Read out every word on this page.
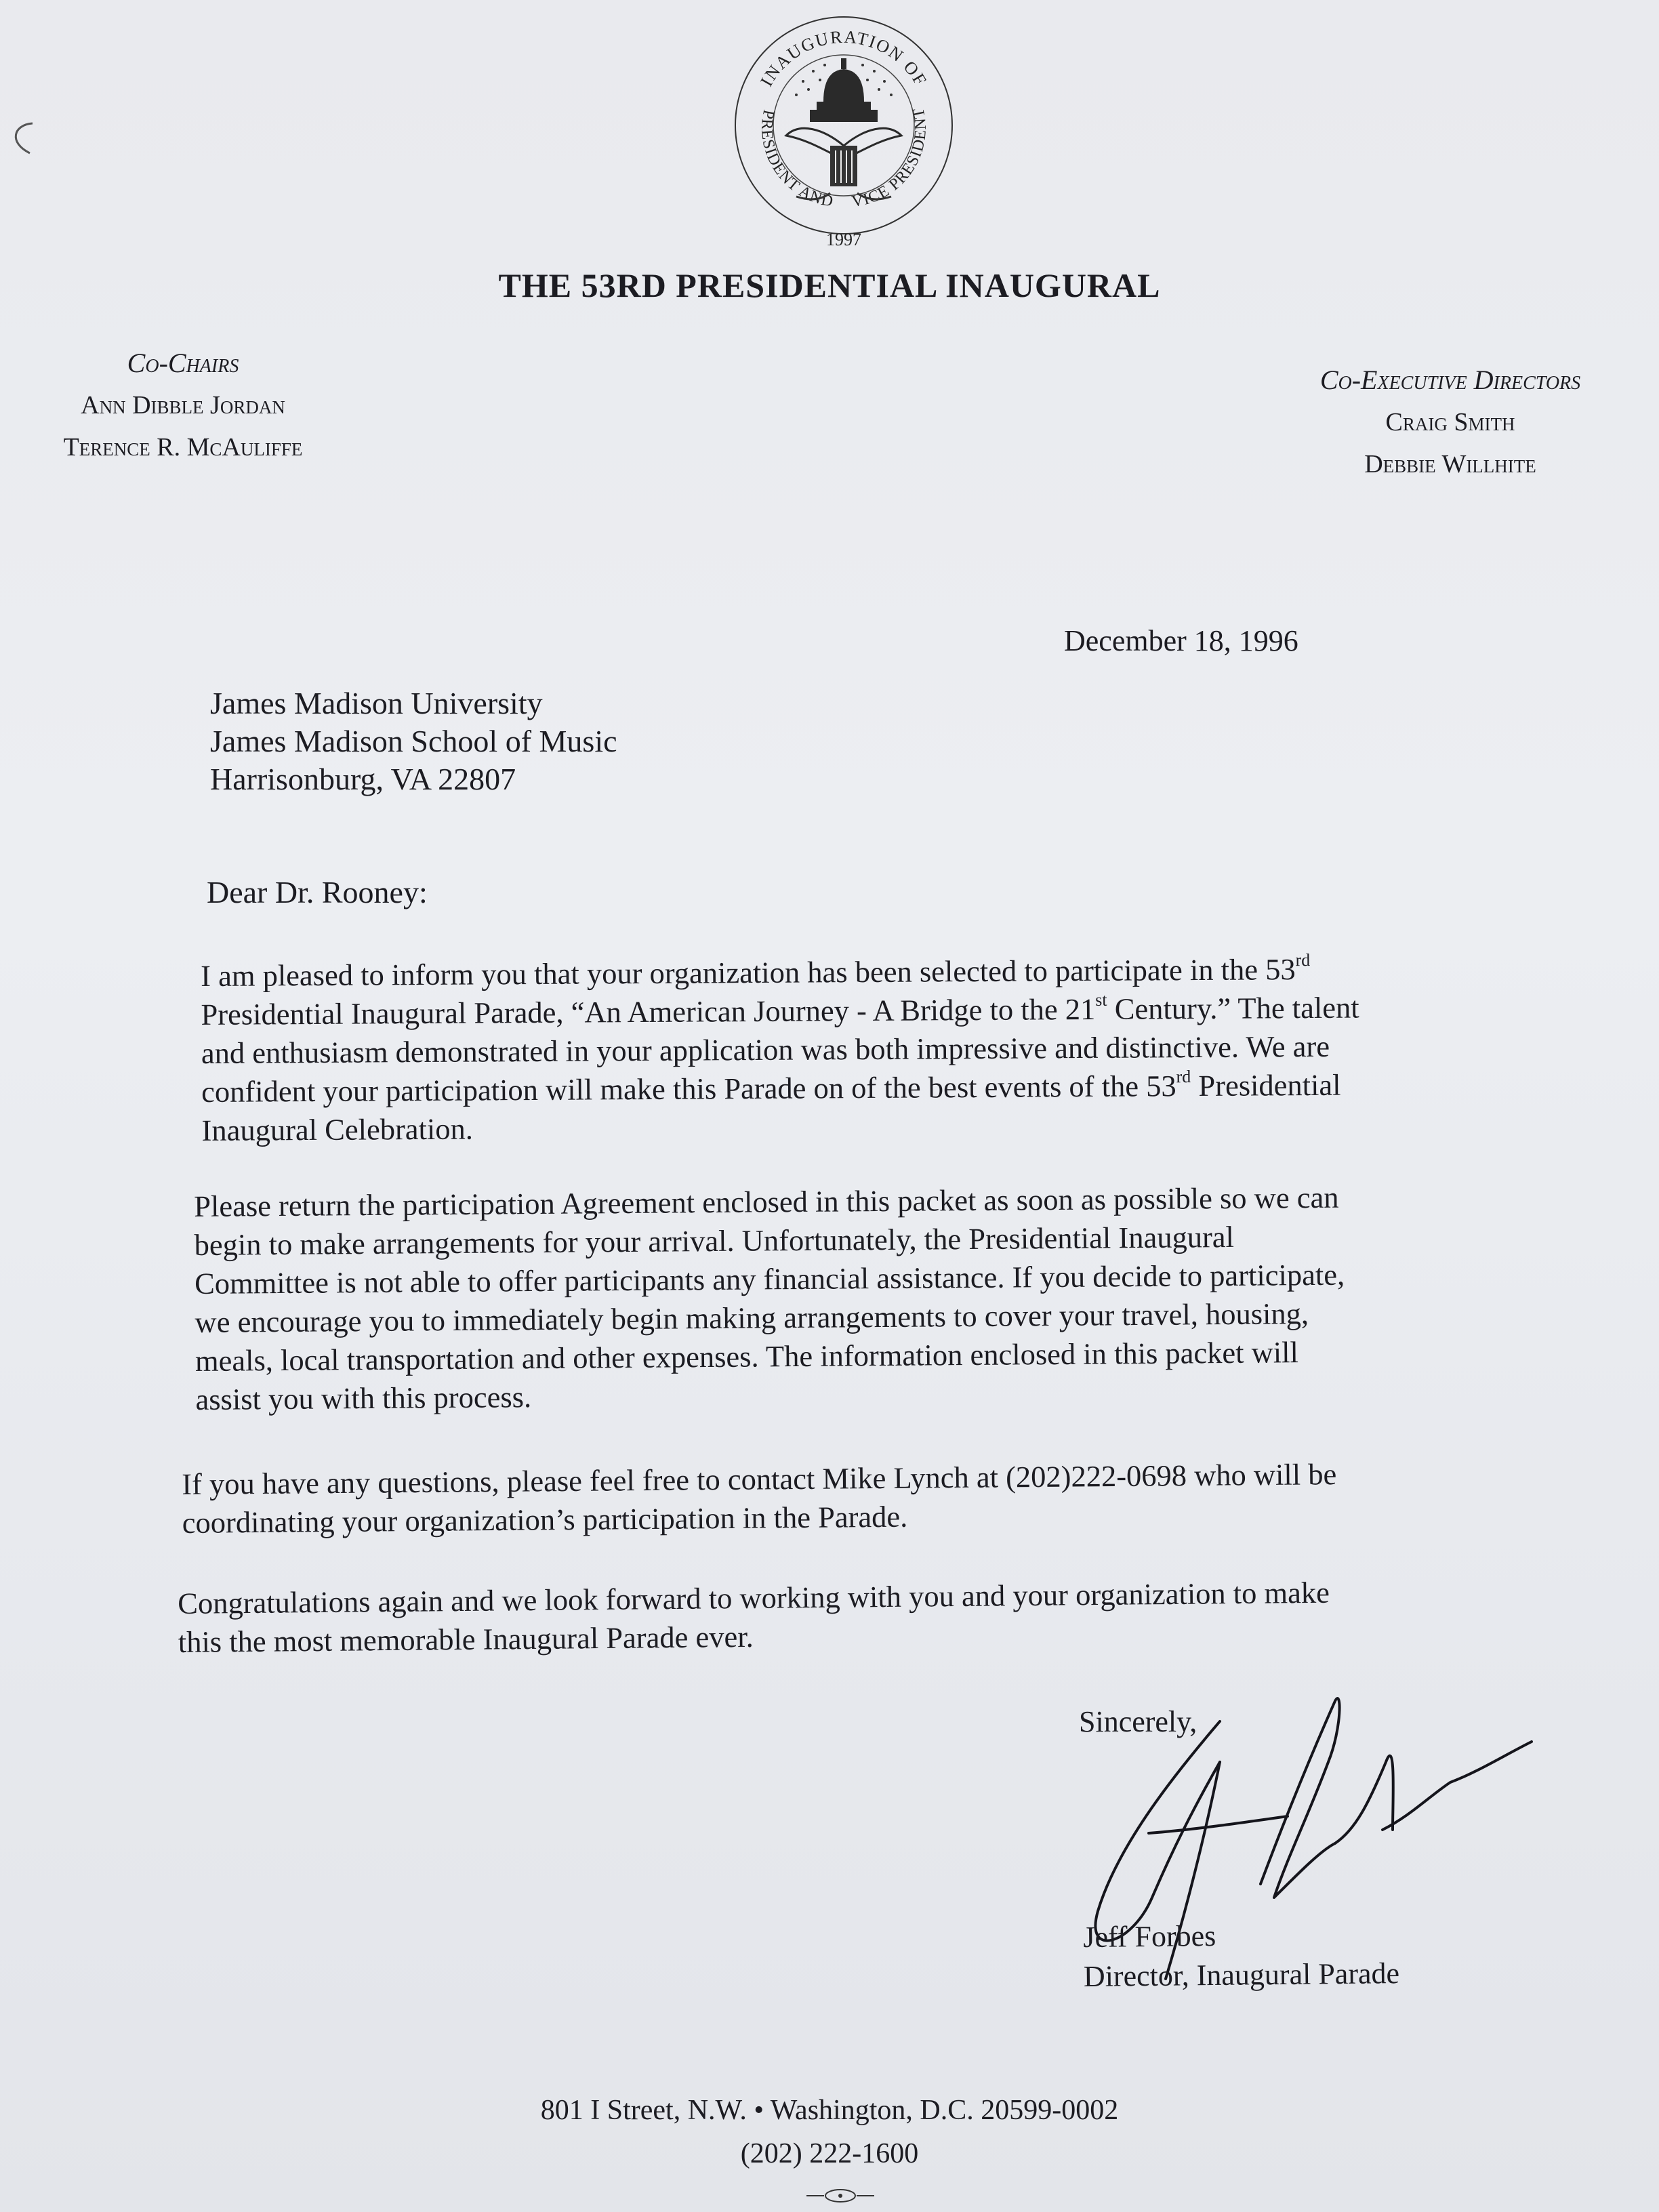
INAUGURATION OF
PRESIDENT AND VICE PRESIDENT
1997
THE 53RD PRESIDENTIAL INAUGURAL
Co-Chairs
Ann Dibble Jordan
Terence R. McAuliffe
Co-Executive Directors
Craig Smith
Debbie Willhite
December 18, 1996
James Madison University
James Madison School of Music
Harrisonburg, VA 22807
Dear Dr. Rooney:
I am pleased to inform you that your organization has been selected to participate in the 53rd
Presidential Inaugural Parade, “An American Journey - A Bridge to the 21st Century.” The talent
and enthusiasm demonstrated in your application was both impressive and distinctive. We are
confident your participation will make this Parade on of the best events of the 53rd Presidential
Inaugural Celebration.
Please return the participation Agreement enclosed in this packet as soon as possible so we can
begin to make arrangements for your arrival. Unfortunately, the Presidential Inaugural
Committee is not able to offer participants any financial assistance. If you decide to participate,
we encourage you to immediately begin making arrangements to cover your travel, housing,
meals, local transportation and other expenses. The information enclosed in this packet will
assist you with this process.
If you have any questions, please feel free to contact Mike Lynch at (202)222-0698 who will be
coordinating your organization’s participation in the Parade.
Congratulations again and we look forward to working with you and your organization to make
this the most memorable Inaugural Parade ever.
Sincerely,
Jeff Forbes
Director, Inaugural Parade
801 I Street, N.W. • Washington, D.C. 20599-0002
(202) 222-1600
